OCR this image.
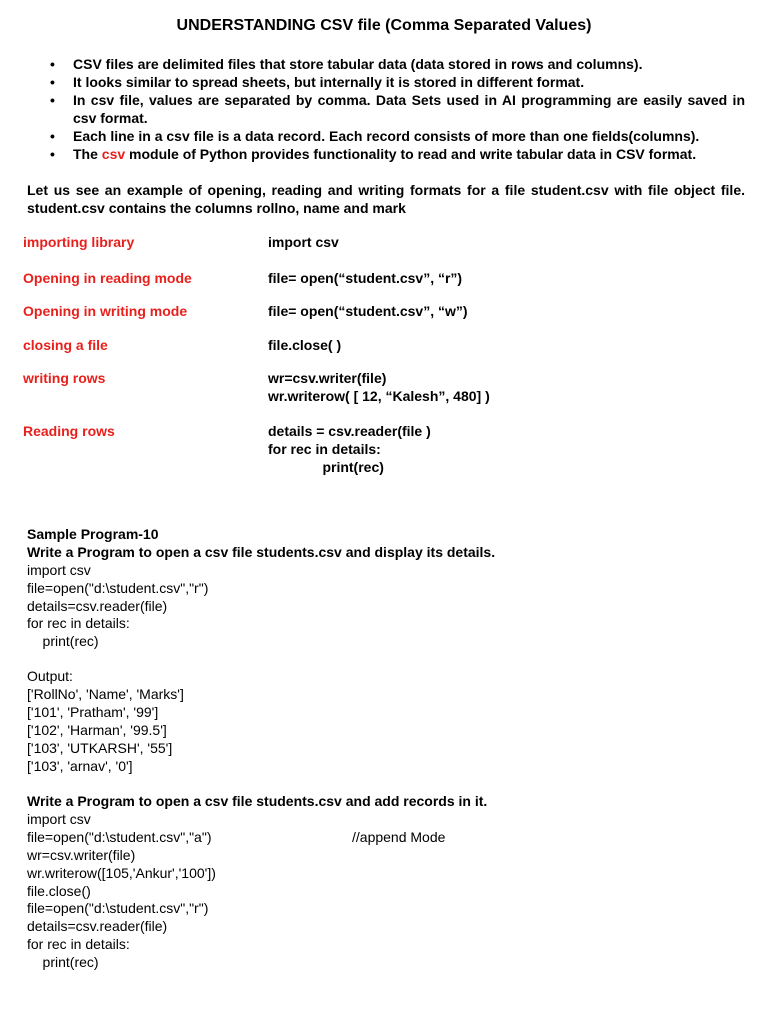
UNDERSTANDING CSV file (Comma Separated Values)
• CSV files are delimited files that store tabular data (data stored in rows and columns).
• It looks similar to spread sheets, but internally it is stored in different format.
• In csv file, values are separated by comma. Data Sets used in AI programming are easily saved in csv format.
• Each line in a csv file is a data record. Each record consists of more than one fields(columns).
• The csv module of Python provides functionality to read and write tabular data in CSV format.
Let us see an example of opening, reading and writing formats for a file student.csv with file object file. student.csv contains the columns rollno, name and mark
importing library	import csv
Opening in reading mode	file= open(“student.csv”, “r”)
Opening in writing mode	file= open(“student.csv”, “w”)
closing a file	file.close( )
writing rows	wr=csv.writer(file)
wr.writerow( [ 12, “Kalesh”, 480] )
Reading rows	details = csv.reader(file )
for rec in details:
print(rec)
Sample Program-10
Write a Program to open a csv file students.csv and display its details.
import csv
file=open("d:\student.csv","r")
details=csv.reader(file)
for rec in details:
print(rec)
Output:
['RollNo', 'Name', 'Marks']
['101', 'Pratham', '99']
['102', 'Harman', '99.5']
['103', 'UTKARSH', '55']
['103', 'arnav', '0']
Write a Program to open a csv file students.csv and add records in it.
import csv
file=open("d:\student.csv","a")	//append Mode
wr=csv.writer(file)
wr.writerow([105,'Ankur','100'])
file.close()
file=open("d:\student.csv","r")
details=csv.reader(file)
for rec in details:
print(rec)
